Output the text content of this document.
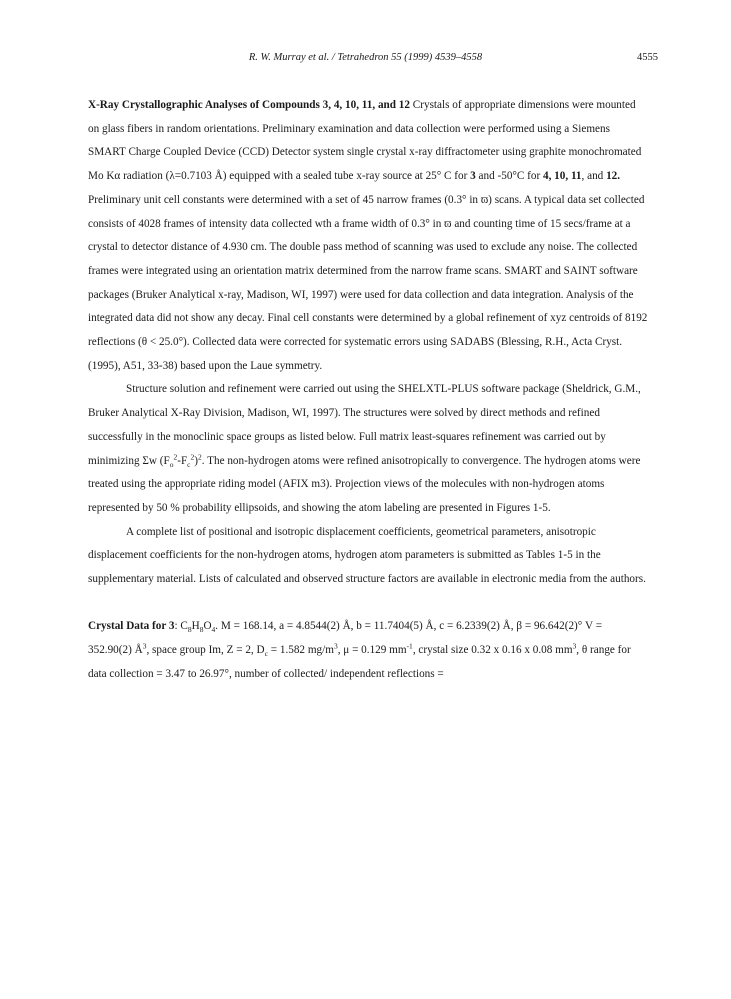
R. W. Murray et al. / Tetrahedron 55 (1999) 4539–4558	4555

X-Ray Crystallographic Analyses of Compounds 3, 4, 10, 11, and 12 Crystals of appropriate dimensions were mounted on glass fibers in random orientations. Preliminary examination and data collection were performed using a Siemens SMART Charge Coupled Device (CCD) Detector system single crystal x-ray diffractometer using graphite monochromated Mo Kα radiation (λ=0.7103 Å) equipped with a sealed tube x-ray source at 25° C for 3 and -50°C for 4, 10, 11, and 12. Preliminary unit cell constants were determined with a set of 45 narrow frames (0.3° in ϖ) scans. A typical data set collected consists of 4028 frames of intensity data collected wth a frame width of 0.3° in ϖ and counting time of 15 secs/frame at a crystal to detector distance of 4.930 cm. The double pass method of scanning was used to exclude any noise. The collected frames were integrated using an orientation matrix determined from the narrow frame scans. SMART and SAINT software packages (Bruker Analytical x-ray, Madison, WI, 1997) were used for data collection and data integration. Analysis of the integrated data did not show any decay. Final cell constants were determined by a global refinement of xyz centroids of 8192 reflections (θ < 25.0°). Collected data were corrected for systematic errors using SADABS (Blessing, R.H., Acta Cryst. (1995), A51, 33-38) based upon the Laue symmetry.

Structure solution and refinement were carried out using the SHELXTL-PLUS software package (Sheldrick, G.M., Bruker Analytical X-Ray Division, Madison, WI, 1997). The structures were solved by direct methods and refined successfully in the monoclinic space groups as listed below. Full matrix least-squares refinement was carried out by minimizing Σw $(F_o^2-F_c^2)^2$. The non-hydrogen atoms were refined anisotropically to convergence. The hydrogen atoms were treated using the appropriate riding model (AFIX m3). Projection views of the molecules with non-hydrogen atoms represented by 50 % probability ellipsoids, and showing the atom labeling are presented in Figures 1-5.

A complete list of positional and isotropic displacement coefficients, geometrical parameters, anisotropic displacement coefficients for the non-hydrogen atoms, hydrogen atom parameters is submitted as Tables 1-5 in the supplementary material. Lists of calculated and observed structure factors are available in electronic media from the authors.

Crystal Data for 3: $C_8H_8O_4$. M = 168.14, a = 4.8544(2) Å, b = 11.7404(5) Å, c = 6.2339(2) Å, β = 96.642(2)° V = 352.90(2) $Å^3$, space group Im, Z = 2, $D_c = 1.582$ $mg/m^3$, μ = 0.129 $mm^{-1}$, crystal size 0.32 x 0.16 x 0.08 $mm^3$, θ range for data collection = 3.47 to 26.97°, number of collected/ independent reflections =
